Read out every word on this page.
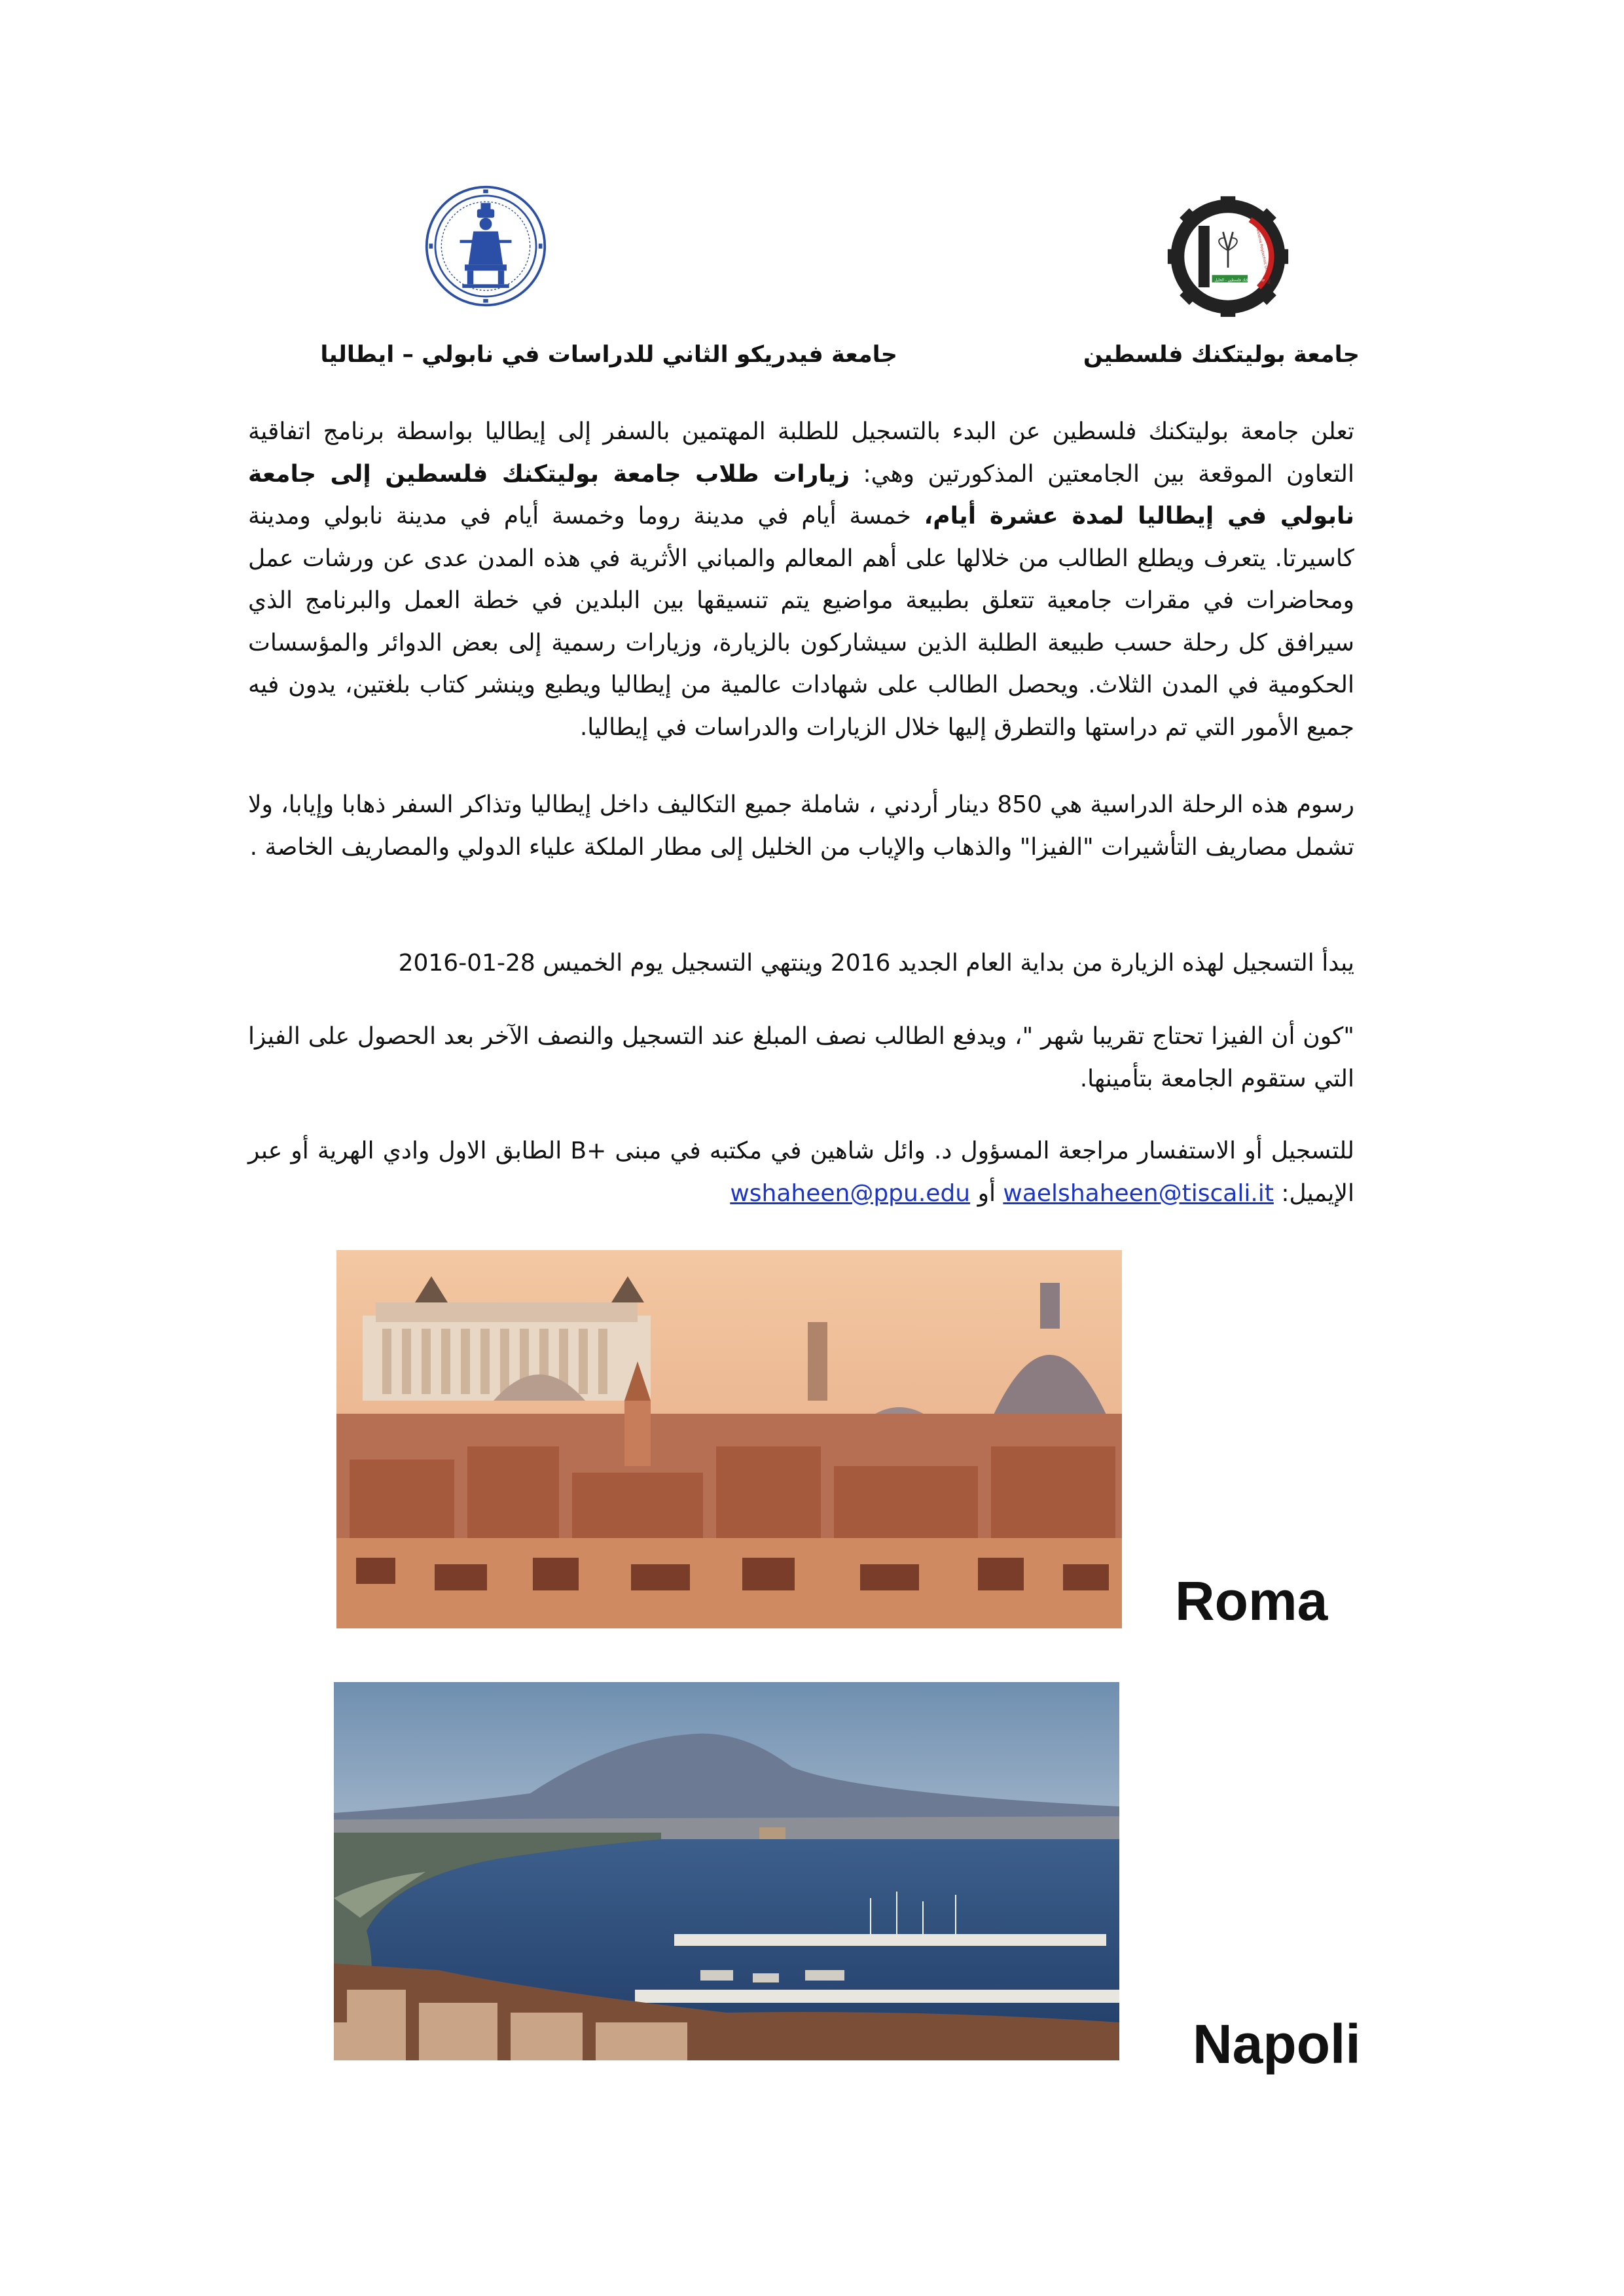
Palestine Polytechnic University
جامعة بوليتكنك فلسطين - الخليل
جامعة بوليتكنك فلسطين
جامعة فيدريكو الثاني للدراسات في نابولي – ايطاليا

تعلن جامعة بوليتكنك فلسطين عن البدء بالتسجيل للطلبة المهتمين بالسفر إلى إيطاليا بواسطة برنامج اتفاقية التعاون الموقعة بين الجامعتين المذكورتين وهي: زيارات طلاب جامعة بوليتكنك فلسطين إلى جامعة نابولي في إيطاليا لمدة عشرة أيام، خمسة أيام في مدينة روما وخمسة أيام في مدينة نابولي ومدينة كاسيرتا. يتعرف ويطلع الطالب من خلالها على أهم المعالم والمباني الأثرية في هذه المدن عدى عن ورشات عمل ومحاضرات في مقرات جامعية تتعلق بطبيعة مواضيع يتم تنسيقها بين البلدين في خطة العمل والبرنامج الذي سيرافق كل رحلة حسب طبيعة الطلبة الذين سيشاركون بالزيارة، وزيارات رسمية إلى بعض الدوائر والمؤسسات الحكومية في المدن الثلاث. ويحصل الطالب على شهادات عالمية من إيطاليا ويطبع وينشر كتاب بلغتين، يدون فيه جميع الأمور التي تم دراستها والتطرق إليها خلال الزيارات والدراسات في إيطاليا.

رسوم هذه الرحلة الدراسية هي 850 دينار أردني ، شاملة جميع التكاليف داخل إيطاليا وتذاكر السفر ذهابا وإيابا، ولا تشمل مصاريف التأشيرات "الفيزا" والذهاب والإياب من الخليل إلى مطار الملكة علياء الدولي والمصاريف الخاصة .

يبدأ التسجيل لهذه الزيارة من بداية العام الجديد 2016 وينتهي التسجيل يوم الخميس 28-01-2016

"كون أن الفيزا تحتاج تقريبا شهر "، ويدفع الطالب نصف المبلغ عند التسجيل والنصف الآخر بعد الحصول على الفيزا التي ستقوم الجامعة بتأمينها.

للتسجيل أو الاستفسار مراجعة المسؤول د. وائل شاهين في مكتبه في مبنى +B الطابق الاول وادي الهرية أو عبر الإيميل: waelshaheen@tiscali.it أو wshaheen@ppu.edu

Roma
Napoli
